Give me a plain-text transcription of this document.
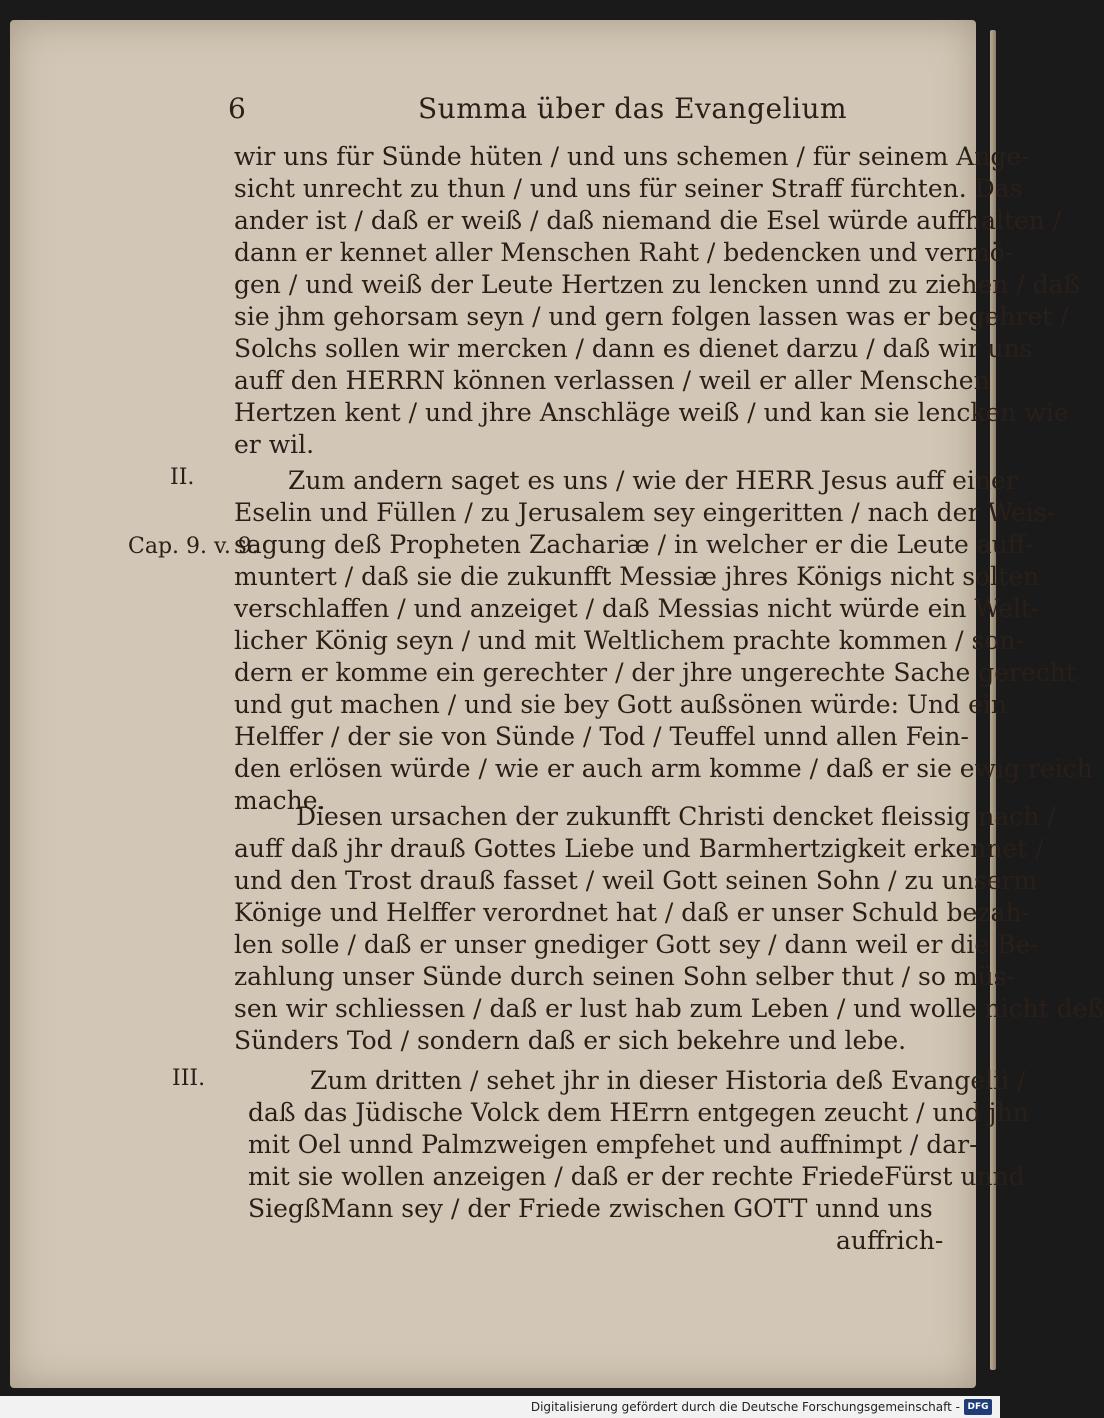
6	Summa über das Evangelium
II.
Cap. 9. v. 9.
III.
wir uns für Sünde hüten / und uns schemen / für seinem Ange-
sicht unrecht zu thun / und uns für seiner Straff fürchten. Das
ander ist / daß er weiß / daß niemand die Esel würde auffhalten /
dann er kennet aller Menschen Raht / bedencken und vermö-
gen / und weiß der Leute Hertzen zu lencken unnd zu ziehen / daß
sie jhm gehorsam seyn / und gern folgen lassen was er begehret /
Solchs sollen wir mercken / dann es dienet darzu / daß wir uns
auff den HERRN können verlassen / weil er aller Menschen
Hertzen kent / und jhre Anschläge weiß / und kan sie lencken wie
er wil.
Zum andern saget es uns / wie der HERR Jesus auff einer
Eselin und Füllen / zu Jerusalem sey eingeritten / nach der Weis-
sagung deß Propheten Zachariæ / in welcher er die Leute auff-
muntert / daß sie die zukunfft Messiæ jhres Königs nicht solten
verschlaffen / und anzeiget / daß Messias nicht würde ein Welt-
licher König seyn / und mit Weltlichem prachte kommen / son-
dern er komme ein gerechter / der jhre ungerechte Sache gerecht
und gut machen / und sie bey Gott außsönen würde: Und ein
Helffer / der sie von Sünde / Tod / Teuffel unnd allen Fein-
den erlösen würde / wie er auch arm komme / daß er sie ewig reich
mache.
Diesen ursachen der zukunfft Christi dencket fleissig nach /
auff daß jhr drauß Gottes Liebe und Barmhertzigkeit erkennet /
und den Trost drauß fasset / weil Gott seinen Sohn / zu unserm
Könige und Helffer verordnet hat / daß er unser Schuld bezah-
len solle / daß er unser gnediger Gott sey / dann weil er die Be-
zahlung unser Sünde durch seinen Sohn selber thut / so müs-
sen wir schliessen / daß er lust hab zum Leben / und wolle nicht deß
Sünders Tod / sondern daß er sich bekehre und lebe.
Zum dritten / sehet jhr in dieser Historia deß Evangelii /
daß das Jüdische Volck dem HErrn entgegen zeucht / und jhn
mit Oel unnd Palmzweigen empfehet und auffnimpt / dar-
mit sie wollen anzeigen / daß er der rechte FriedeFürst unnd
SiegßMann sey / der Friede zwischen GOTT unnd uns
auffrich-
Digitalisierung gefördert durch die Deutsche Forschungsgemeinschaft - DFG
